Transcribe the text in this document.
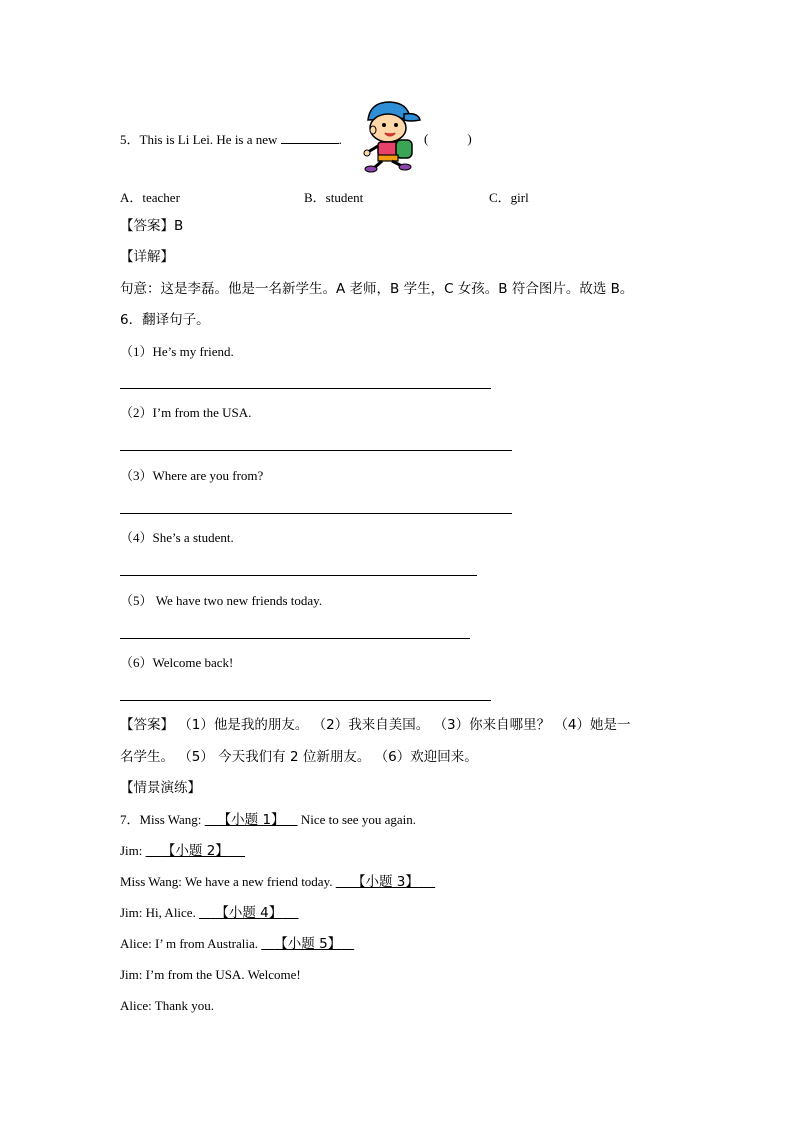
5．This is Li Lei. He is a new	.	(　　　)
A．teacher	B．student	C．girl
【答案】B
【详解】
句意：这是李磊。他是一名新学生。A 老师，B 学生，C 女孩。B 符合图片。故选 B。
6．翻译句子。
（1）He’s my friend.
（2）I’m from the USA.
（3）Where are you from?
（4）She’s a student.
（5） We have two new friends today.
（6）Welcome back!
【答案】 （1）他是我的朋友。 （2）我来自美国。 （3）你来自哪里？ （4）她是一
名学生。 （5） 今天我们有 2 位新朋友。 （6）欢迎回来。
【情景演练】
7．Miss Wang: 【小题 1】 Nice to see you again.
Jim: 【小题 2】
Miss Wang: We have a new friend today. 【小题 3】
Jim: Hi, Alice. 【小题 4】
Alice: I’ m from Australia. 【小题 5】
Jim: I’m from the USA. Welcome!
Alice: Thank you.
